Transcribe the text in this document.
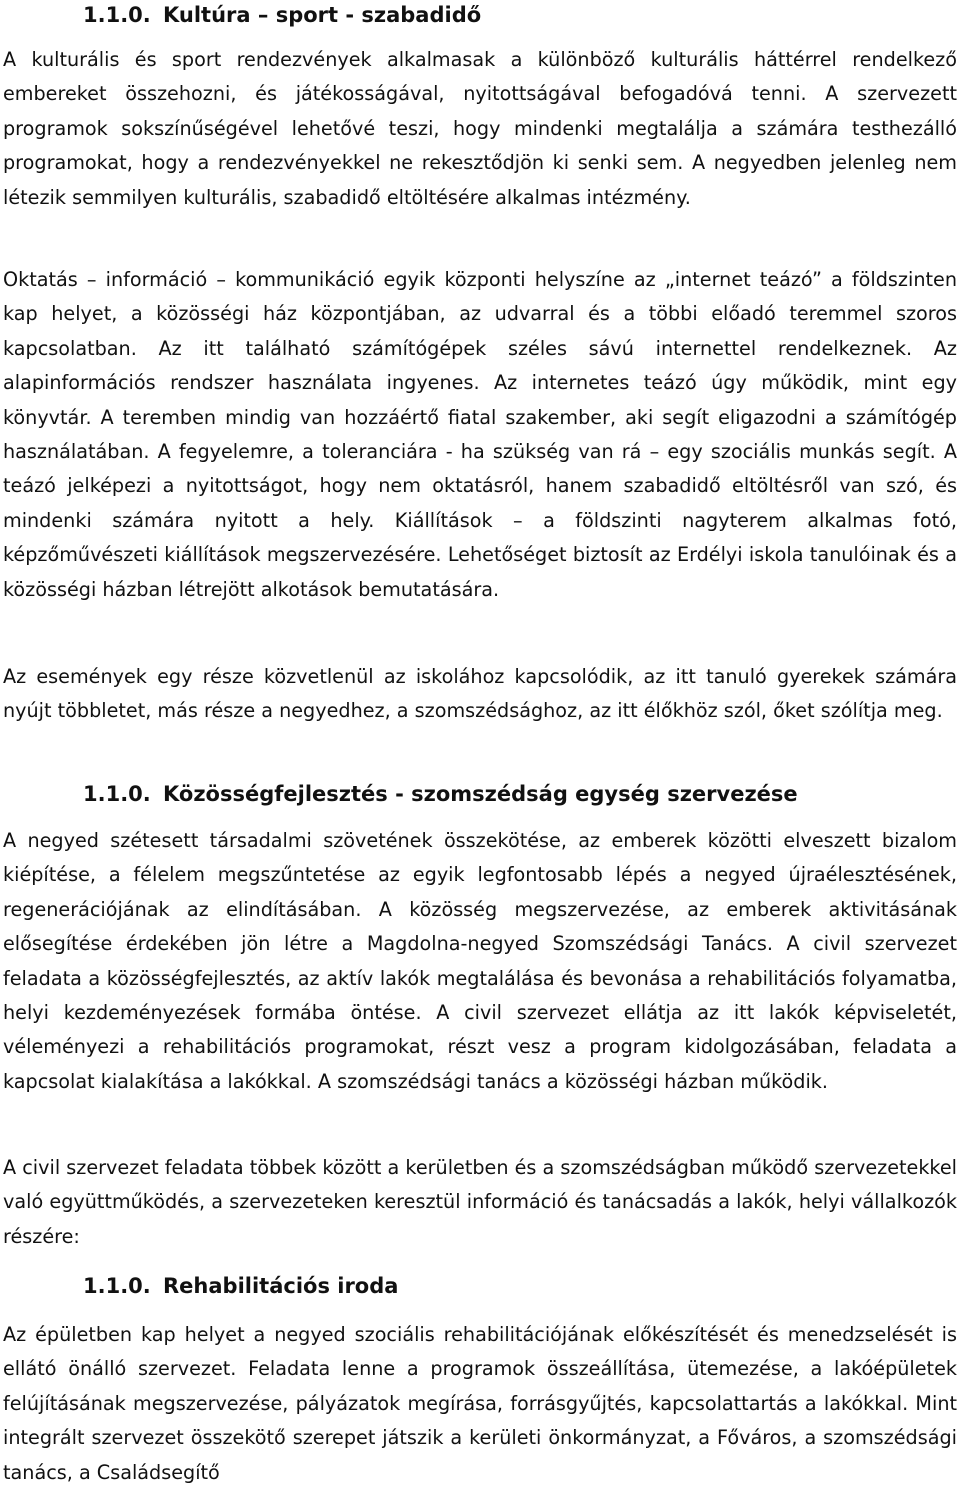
1.1.0. Kultúra – sport - szabadidő

A kulturális és sport rendezvények alkalmasak a különböző kulturális háttérrel rendelkező embereket összehozni, és játékosságával, nyitottságával befogadóvá tenni. A szervezett programok sokszínűségével lehetővé teszi, hogy mindenki megtalálja a számára testhezálló programokat, hogy a rendezvényekkel ne rekesztődjön ki senki sem. A negyedben jelenleg nem létezik semmilyen kulturális, szabadidő eltöltésére alkalmas intézmény.

Oktatás – információ – kommunikáció egyik központi helyszíne az „internet teázó” a földszinten kap helyet, a közösségi ház központjában, az udvarral és a többi előadó teremmel szoros kapcsolatban. Az itt található számítógépek széles sávú internettel rendelkeznek. Az alapinformációs rendszer használata ingyenes. Az internetes teázó úgy működik, mint egy könyvtár. A teremben mindig van hozzáértő fiatal szakember, aki segít eligazodni a számítógép használatában. A fegyelemre, a toleranciára - ha szükség van rá – egy szociális munkás segít. A teázó jelképezi a nyitottságot, hogy nem oktatásról, hanem szabadidő eltöltésről van szó, és mindenki számára nyitott a hely. Kiállítások – a földszinti nagyterem alkalmas fotó, képzőművészeti kiállítások megszervezésére. Lehetőséget biztosít az Erdélyi iskola tanulóinak és a közösségi házban létrejött alkotások bemutatására.

Az események egy része közvetlenül az iskolához kapcsolódik, az itt tanuló gyerekek számára nyújt többletet, más része a negyedhez, a szomszédsághoz, az itt élőkhöz szól, őket szólítja meg.

1.1.0. Közösségfejlesztés - szomszédság egység szervezése

A negyed szétesett társadalmi szövetének összekötése, az emberek közötti elveszett bizalom kiépítése, a félelem megszűntetése az egyik legfontosabb lépés a negyed újraélesztésének, regenerációjának az elindításában. A közösség megszervezése, az emberek aktivitásának elősegítése érdekében jön létre a Magdolna-negyed Szomszédsági Tanács. A civil szervezet feladata a közösségfejlesztés, az aktív lakók megtalálása és bevonása a rehabilitációs folyamatba, helyi kezdeményezések formába öntése. A civil szervezet ellátja az itt lakók képviseletét, véleményezi a rehabilitációs programokat, részt vesz a program kidolgozásában, feladata a kapcsolat kialakítása a lakókkal. A szomszédsági tanács a közösségi házban működik.

A civil szervezet feladata többek között a kerületben és a szomszédságban működő szervezetekkel való együttműködés, a szervezeteken keresztül információ és tanácsadás a lakók, helyi vállalkozók részére:

1.1.0. Rehabilitációs iroda

Az épületben kap helyet a negyed szociális rehabilitációjának előkészítését és menedzselését is ellátó önálló szervezet. Feladata lenne a programok összeállítása, ütemezése, a lakóépületek felújításának megszervezése, pályázatok megírása, forrásgyűjtés, kapcsolattartás a lakókkal. Mint integrált szervezet összekötő szerepet játszik a kerületi önkormányzat, a Főváros, a szomszédsági tanács, a Családsegítő
